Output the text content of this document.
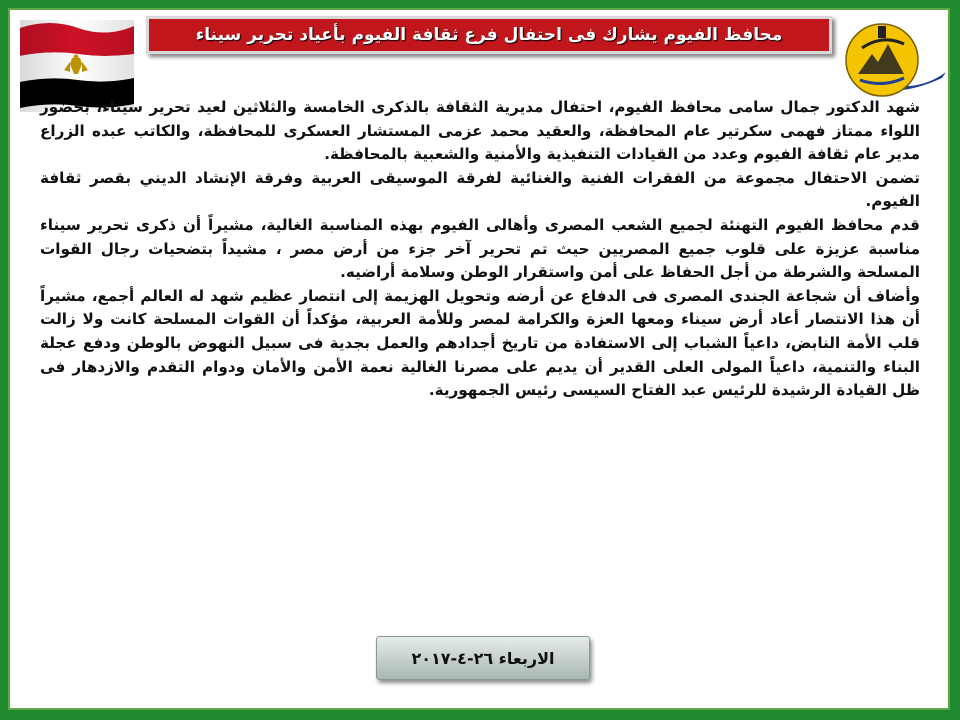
محافظ الفيوم يشارك فى احتفال فرع ثقافة الفيوم بأعياد تحرير سيناء

شهد الدكتور جمال سامى محافظ الفيوم، احتفال مديرية الثقافة بالذكرى الخامسة والثلاثين لعيد تحرير سيناء، بحضور اللواء ممتاز فهمى سكرتير عام المحافظة، والعقيد محمد عزمى المستشار العسكرى للمحافظة، والكاتب عبده الزراع مدير عام ثقافة الفيوم وعدد من القيادات التنفيذية والأمنية والشعبية بالمحافظة.

تضمن الاحتفال مجموعة من الفقرات الفنية والغنائية لفرقة الموسيقى العربية وفرقة الإنشاد الديني بقصر ثقافة الفيوم.

قدم محافظ الفيوم التهنئة لجميع الشعب المصرى وأهالى الفيوم بهذه المناسبة الغالية، مشيراً أن ذكرى تحرير سيناء مناسبة عزيزة على قلوب جميع المصريين حيث تم تحرير آخر جزء من أرض مصر ، مشيداً بتضحيات رجال القوات المسلحة والشرطة من أجل الحفاظ على أمن واستقرار الوطن وسلامة أراضيه.

وأضاف أن شجاعة الجندى المصرى فى الدفاع عن أرضه وتحويل الهزيمة إلى انتصار عظيم شهد له العالم أجمع، مشيراً أن هذا الانتصار أعاد أرض سيناء ومعها العزة والكرامة لمصر وللأمة العربية، مؤكداً أن القوات المسلحة كانت ولا زالت قلب الأمة النابض، داعياً الشباب إلى الاستفادة من تاريخ أجدادهم والعمل بجدية فى سبيل النهوض بالوطن ودفع عجلة البناء والتنمية، داعياً المولى العلى القدير أن يديم على مصرنا الغالية نعمة الأمن والأمان ودوام التقدم والازدهار فى ظل القيادة الرشيدة للرئيس عبد الفتاح السيسى رئيس الجمهورية.

الاربعاء ٢٦-٤-٢٠١٧
